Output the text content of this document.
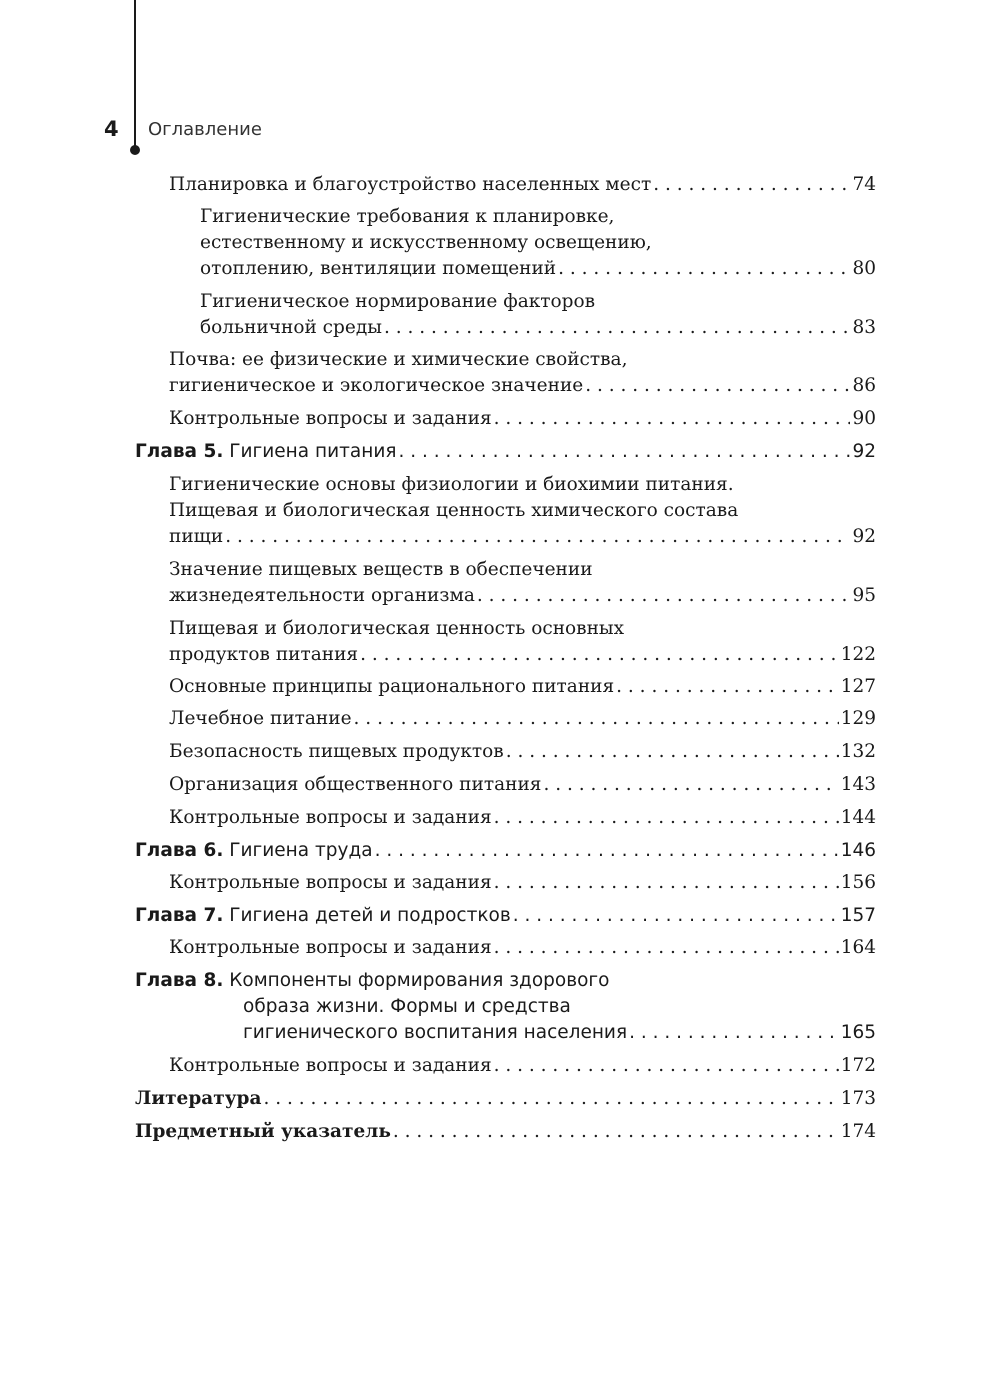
4 Оглавление
Планировка и благоустройство населенных мест . . .	74
Гигиенические требования к планировке,
естественному и искусственному освещению,
отоплению, вентиляции помещений . . .	80
Гигиеническое нормирование факторов
больничной среды . . .	83
Почва: ее физические и химические свойства,
гигиеническое и экологическое значение . . .	86
Контрольные вопросы и задания . . .	90
Глава 5.
Гигиена питания . . .	92
Гигиенические основы физиологии и биохимии питания.
Пищевая и биологическая ценность химического состава
пищи . . .	92
Значение пищевых веществ в обеспечении
жизнедеятельности организма . . .	95
Пищевая и биологическая ценность основных
продуктов питания . . .	122
Основные принципы рационального питания . . .	127
Лечебное питание . . .	129
Безопасность пищевых продуктов . . .	132
Организация общественного питания . . .	143
Контрольные вопросы и задания . . .	144
Глава 6.
Гигиена труда . . .	146
Контрольные вопросы и задания . . .	156
Глава 7.
Гигиена детей и подростков . . .	157
Контрольные вопросы и задания . . .	164
Глава 8.
Компоненты формирования здорового
образа жизни. Формы и средства
гигиенического воспитания населения . . .	165
Контрольные вопросы и задания . . .	172
Литература . . .	173
Предметный указатель . . .	174
